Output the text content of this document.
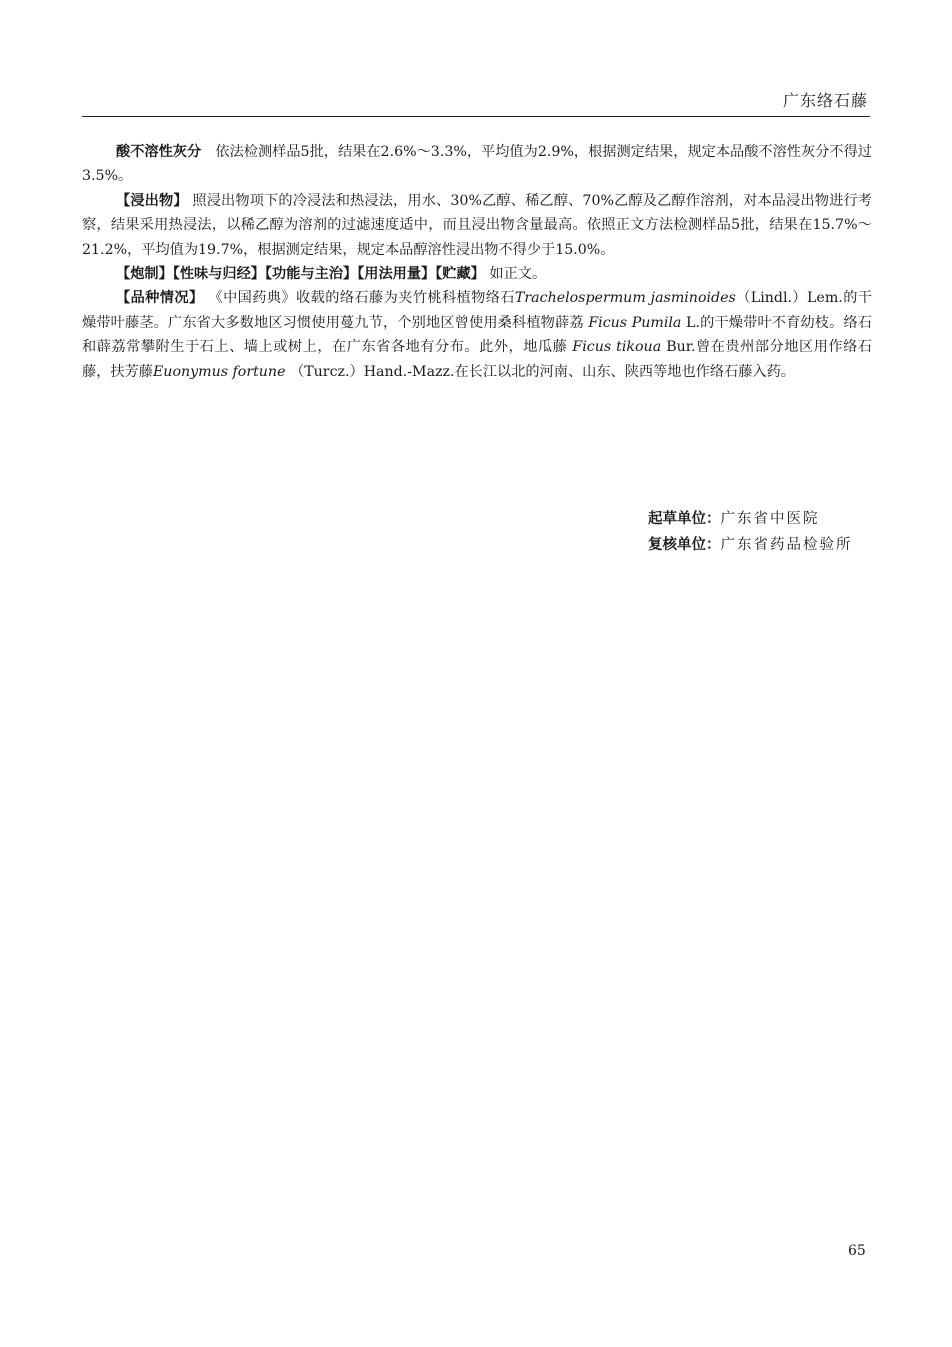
广东络石藤

酸不溶性灰分　 依法检测样品5批，结果在2.6%～3.3%，平均值为2.9%，根据测定结果，规定本品酸不溶性灰分不得过3.5%。

【浸出物】 照浸出物项下的冷浸法和热浸法，用水、30%乙醇、稀乙醇、70%乙醇及乙醇作溶剂，对本品浸出物进行考察，结果采用热浸法，以稀乙醇为溶剂的过滤速度适中，而且浸出物含量最高。依照正文方法检测样品5批，结果在15.7%～21.2%，平均值为19.7%，根据测定结果，规定本品醇溶性浸出物不得少于15.0%。

【炮制】【性味与归经】【功能与主治】【用法用量】【贮藏】 如正文。

【品种情况】 《中国药典》收载的络石藤为夹竹桃科植物络石Trachelospermum jasminoides（Lindl.）Lem.的干燥带叶藤茎。广东省大多数地区习惯使用蔓九节，个别地区曾使用桑科植物薜荔 Ficus Pumila L.的干燥带叶不育幼枝。络石和薜荔常攀附生于石上、墙上或树上，在广东省各地有分布。此外，地瓜藤 Ficus tikoua Bur.曾在贵州部分地区用作络石藤，扶芳藤Euonymus fortune （Turcz.）Hand.-Mazz.在长江以北的河南、山东、陕西等地也作络石藤入药。

起草单位：广东省中医院
复核单位：广东省药品检验所
65
